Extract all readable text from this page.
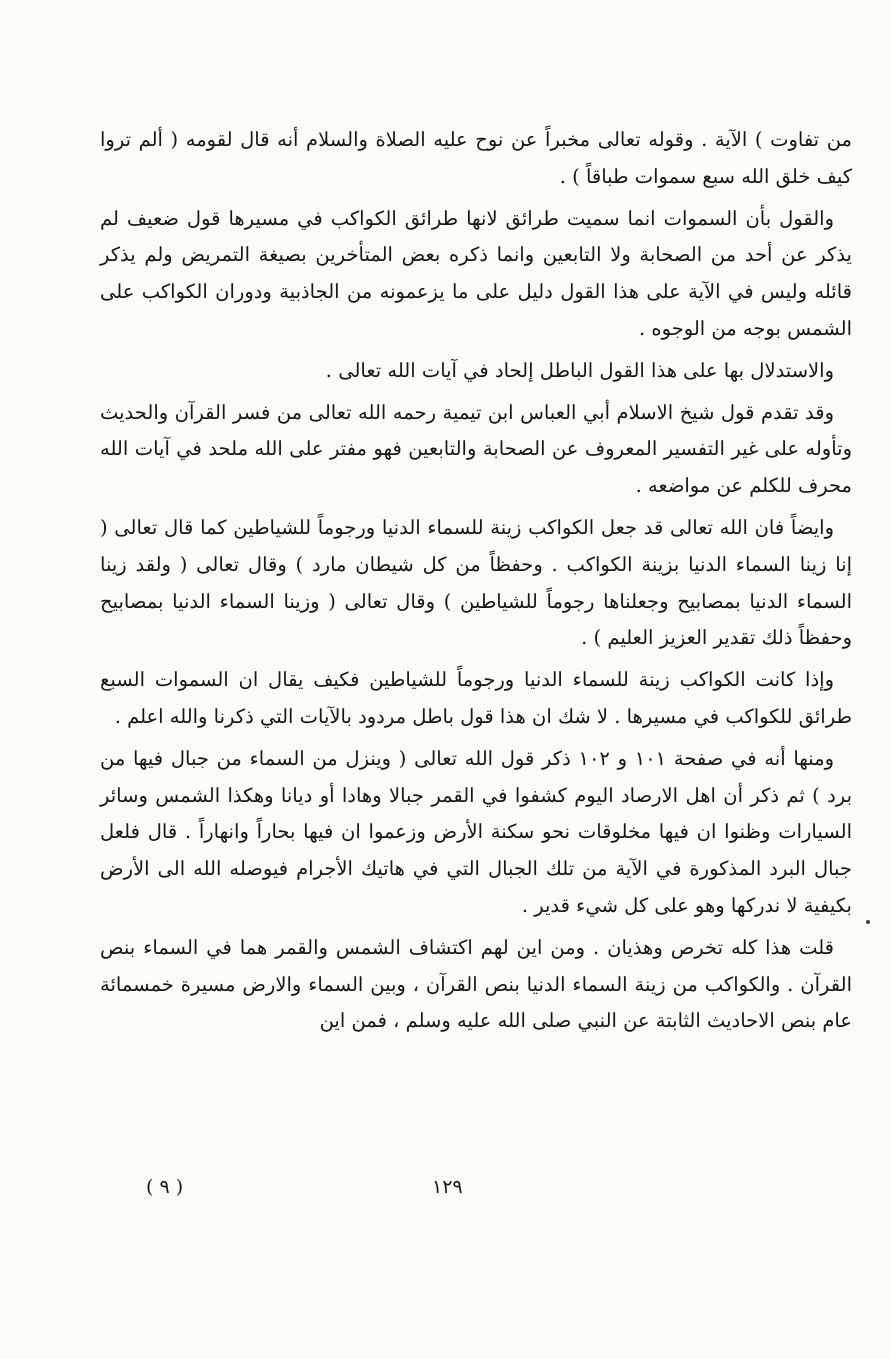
من تفاوت ) الآية . وقوله تعالى مخبراً عن نوح عليه الصلاة والسلام أنه قال لقومه ( ألم تروا كيف خلق الله سبع سموات طباقاً ) .

والقول بأن السموات انما سميت طرائق لانها طرائق الكواكب في مسيرها قول ضعيف لم يذكر عن أحد من الصحابة ولا التابعين وانما ذكره بعض المتأخرين بصيغة التمريض ولم يذكر قائله وليس في الآية على هذا القول دليل على ما يزعمونه من الجاذبية ودوران الكواكب على الشمس بوجه من الوجوه .

والاستدلال بها على هذا القول الباطل إلحاد في آيات الله تعالى .

وقد تقدم قول شيخ الاسلام أبي العباس ابن تيمية رحمه الله تعالى من فسر القرآن والحديث وتأوله على غير التفسير المعروف عن الصحابة والتابعين فهو مفتر على الله ملحد في آيات الله محرف للكلم عن مواضعه .

وايضاً فان الله تعالى قد جعل الكواكب زينة للسماء الدنيا ورجوماً للشياطين كما قال تعالى ( إنا زينا السماء الدنيا بزينة الكواكب . وحفظاً من كل شيطان مارد ) وقال تعالى ( ولقد زينا السماء الدنيا بمصابيح وجعلناها رجوماً للشياطين ) وقال تعالى ( وزينا السماء الدنيا بمصابيح وحفظاً ذلك تقدير العزيز العليم ) .

وإذا كانت الكواكب زينة للسماء الدنيا ورجوماً للشياطين فكيف يقال ان السموات السبع طرائق للكواكب في مسيرها . لا شك ان هذا قول باطل مردود بالآيات التي ذكرنا والله اعلم .

ومنها أنه في صفحة ١٠١ و ١٠٢ ذكر قول الله تعالى ( وينزل من السماء من جبال فيها من برد ) ثم ذكر أن اهل الارصاد اليوم كشفوا في القمر جبالا وهادا أو ديانا وهكذا الشمس وسائر السيارات وظنوا ان فيها مخلوقات نحو سكنة الأرض وزعموا ان فيها بحاراً وانهاراً . قال فلعل جبال البرد المذكورة في الآية من تلك الجبال التي في هاتيك الأجرام فيوصله الله الى الأرض بكيفية لا ندركها وهو على كل شيء قدير .

قلت هذا كله تخرص وهذيان . ومن اين لهم اكتشاف الشمس والقمر هما في السماء بنص القرآن . والكواكب من زينة السماء الدنيا بنص القرآن ، وبين السماء والارض مسيرة خمسمائة عام بنص الاحاديث الثابتة عن النبي صلى الله عليه وسلم ، فمن اين

١٢٩
( ٩ )
